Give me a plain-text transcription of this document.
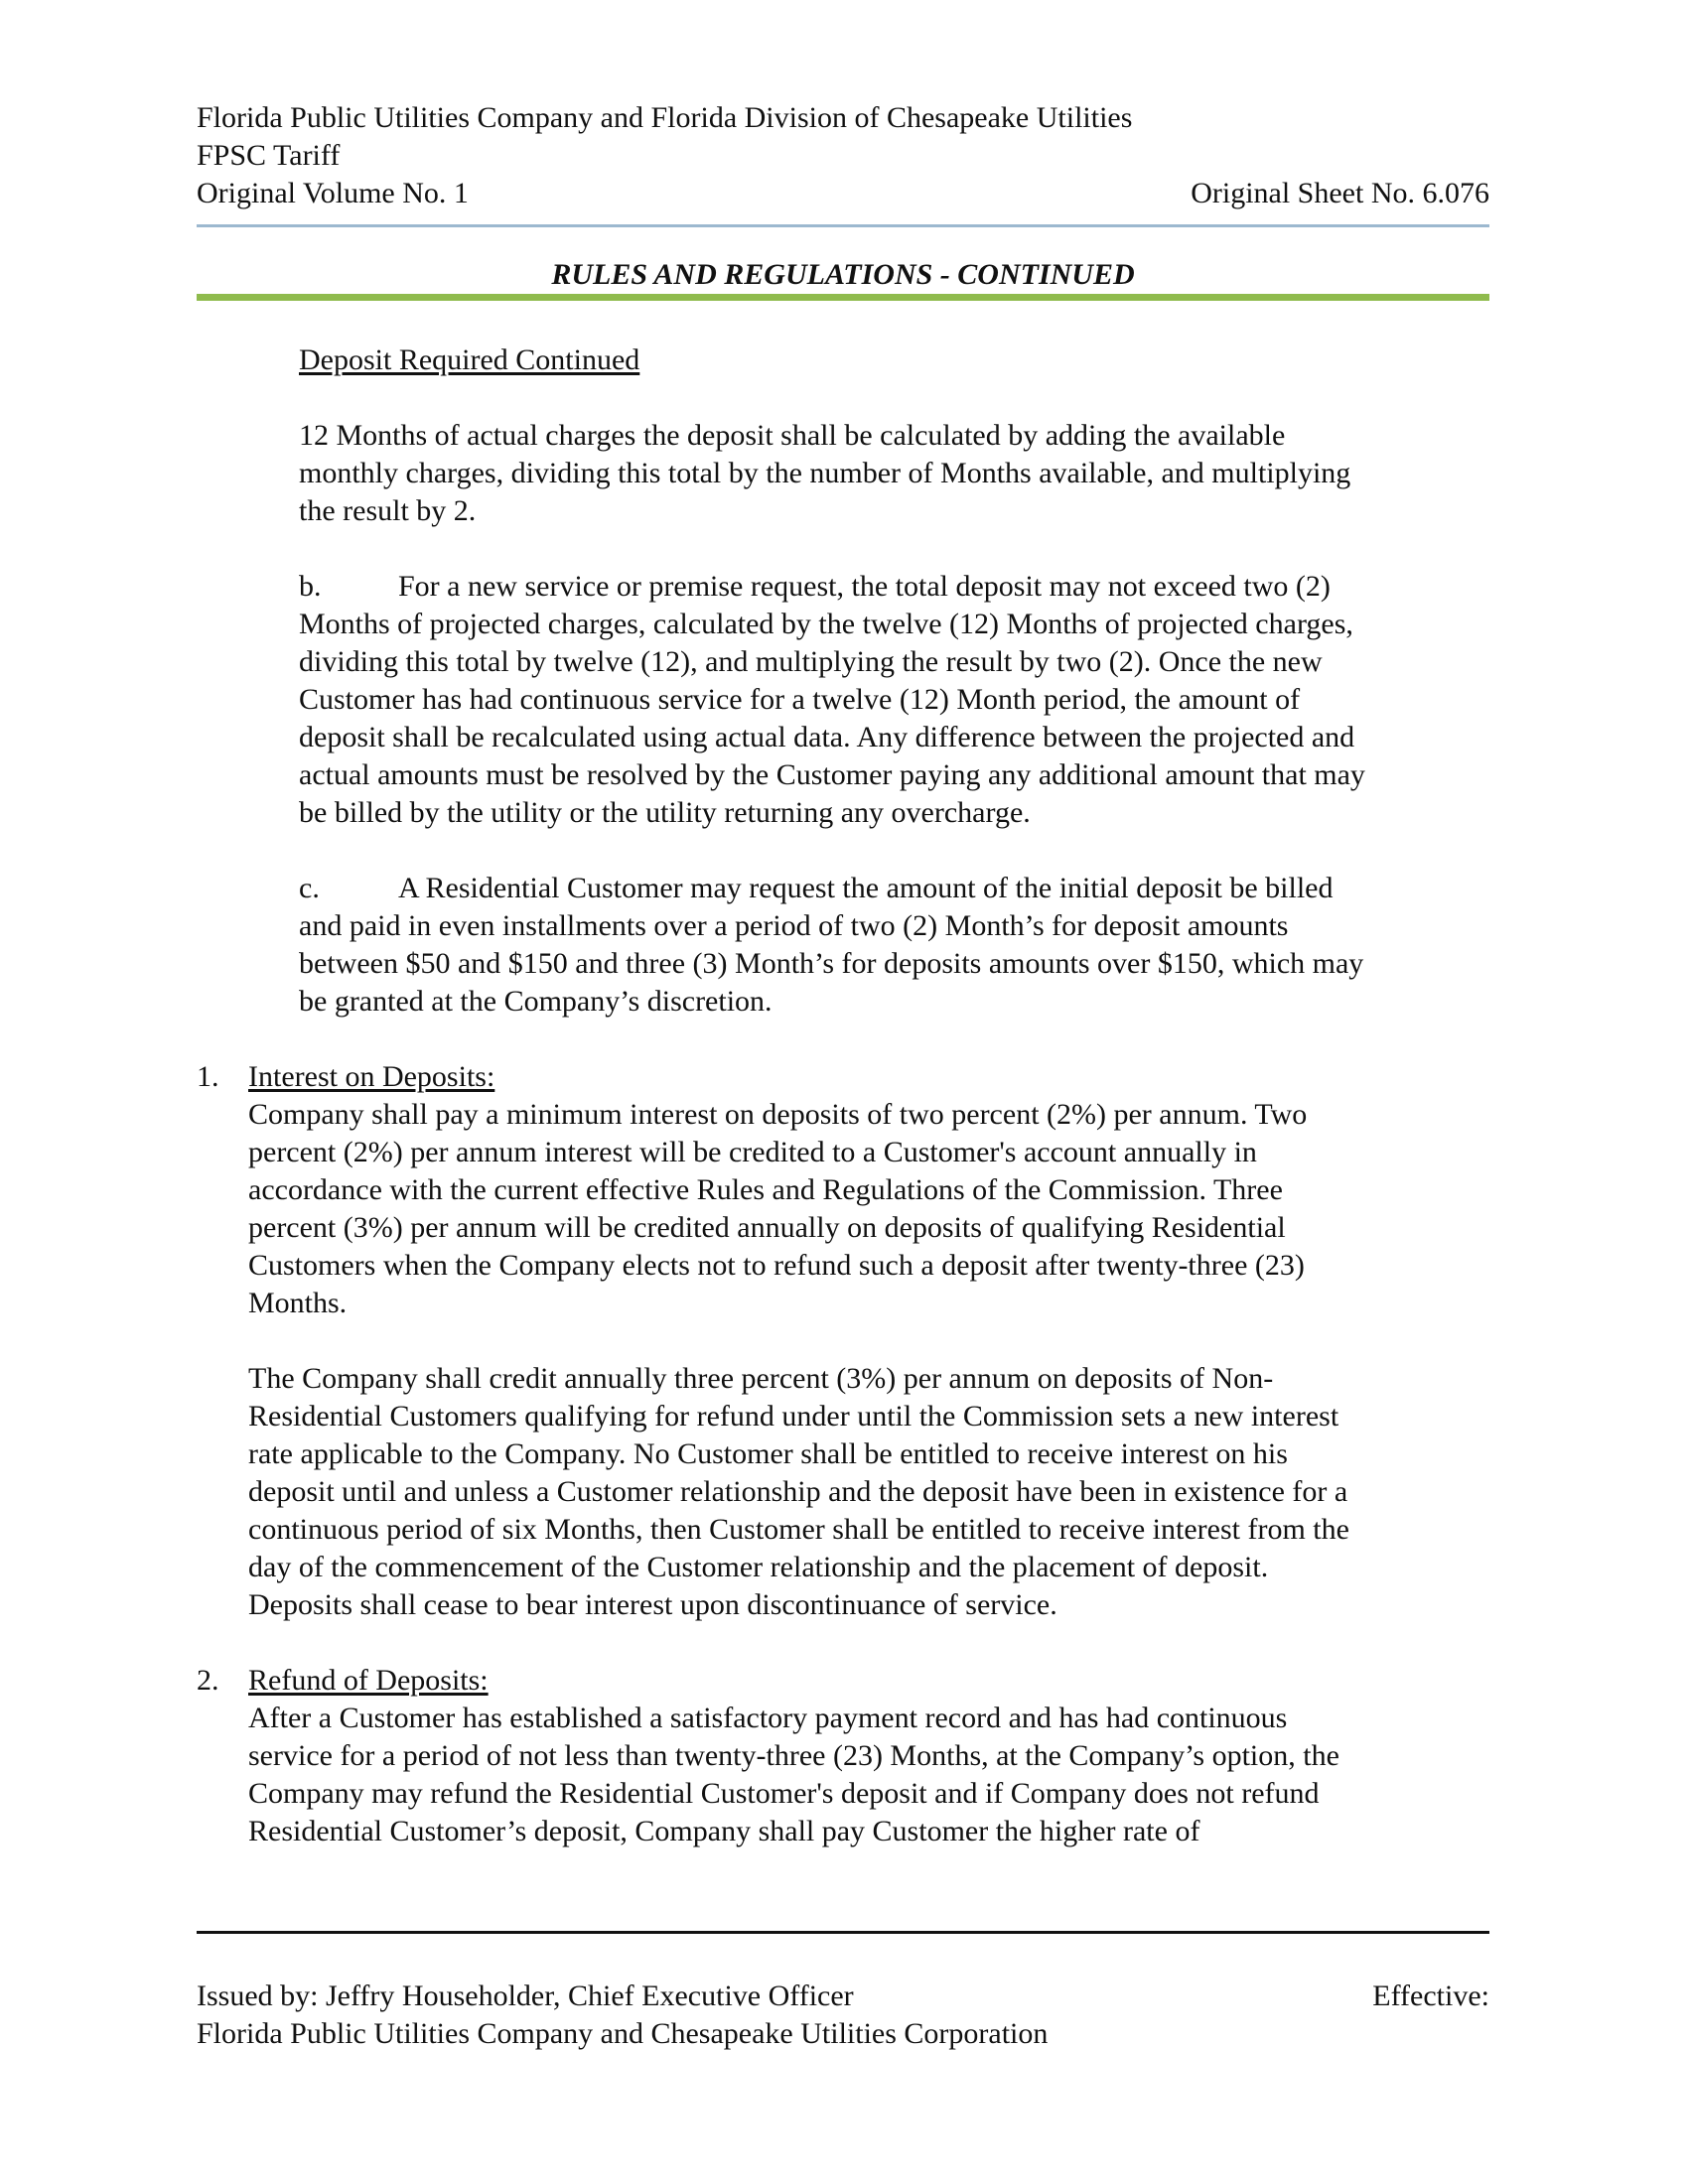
Florida Public Utilities Company and Florida Division of Chesapeake Utilities
FPSC Tariff
Original Volume No. 1	Original Sheet No. 6.076
RULES AND REGULATIONS - CONTINUED
Deposit Required Continued
12 Months of actual charges the deposit shall be calculated by adding the available
monthly charges, dividing this total by the number of Months available, and multiplying
the result by 2.
b.	For a new service or premise request, the total deposit may not exceed two (2)
Months of projected charges, calculated by the twelve (12) Months of projected charges,
dividing this total by twelve (12), and multiplying the result by two (2). Once the new
Customer has had continuous service for a twelve (12) Month period, the amount of
deposit shall be recalculated using actual data. Any difference between the projected and
actual amounts must be resolved by the Customer paying any additional amount that may
be billed by the utility or the utility returning any overcharge.
c.	A Residential Customer may request the amount of the initial deposit be billed
and paid in even installments over a period of two (2) Month’s for deposit amounts
between $50 and $150 and three (3) Month’s for deposits amounts over $150, which may
be granted at the Company’s discretion.
1. Interest on Deposits:
Company shall pay a minimum interest on deposits of two percent (2%) per annum. Two
percent (2%) per annum interest will be credited to a Customer's account annually in
accordance with the current effective Rules and Regulations of the Commission. Three
percent (3%) per annum will be credited annually on deposits of qualifying Residential
Customers when the Company elects not to refund such a deposit after twenty-three (23)
Months.
The Company shall credit annually three percent (3%) per annum on deposits of Non-
Residential Customers qualifying for refund under until the Commission sets a new interest
rate applicable to the Company. No Customer shall be entitled to receive interest on his
deposit until and unless a Customer relationship and the deposit have been in existence for a
continuous period of six Months, then Customer shall be entitled to receive interest from the
day of the commencement of the Customer relationship and the placement of deposit.
Deposits shall cease to bear interest upon discontinuance of service.
2. Refund of Deposits:
After a Customer has established a satisfactory payment record and has had continuous
service for a period of not less than twenty-three (23) Months, at the Company’s option, the
Company may refund the Residential Customer's deposit and if Company does not refund
Residential Customer’s deposit, Company shall pay Customer the higher rate of
Issued by: Jeffry Householder, Chief Executive Officer	Effective:
Florida Public Utilities Company and Chesapeake Utilities Corporation
